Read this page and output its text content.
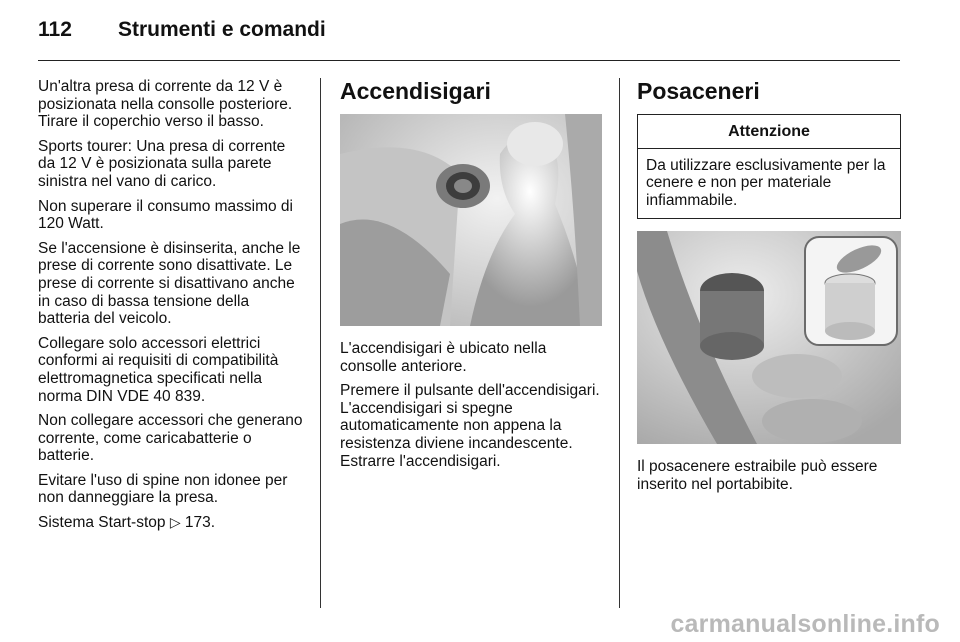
112 Strumenti e comandi

Un'altra presa di corrente da 12 V è posizionata nella consolle posteriore. Tirare il coperchio verso il basso.

Sports tourer: Una presa di corrente da 12 V è posizionata sulla parete sinistra nel vano di carico.

Non superare il consumo massimo di 120 Watt.

Se l'accensione è disinserita, anche le prese di corrente sono disattivate. Le prese di corrente si disattivano anche in caso di bassa tensione della batteria del veicolo.

Collegare solo accessori elettrici conformi ai requisiti di compatibilità elettromagnetica specificati nella norma DIN VDE 40 839.

Non collegare accessori che generano corrente, come caricabatterie o batterie.

Evitare l'uso di spine non idonee per non danneggiare la presa.

Sistema Start-stop ▷ 173.

Accendisigari

L'accendisigari è ubicato nella consolle anteriore.

Premere il pulsante dell'accendisigari. L'accendisigari si spegne automaticamente non appena la resistenza diviene incandescente. Estrarre l'accendisigari.

Posaceneri
Attenzione
Da utilizzare esclusivamente per la cenere e non per materiale infiammabile.

Il posacenere estraibile può essere inserito nel portabibite.

carmanualsonline.info
